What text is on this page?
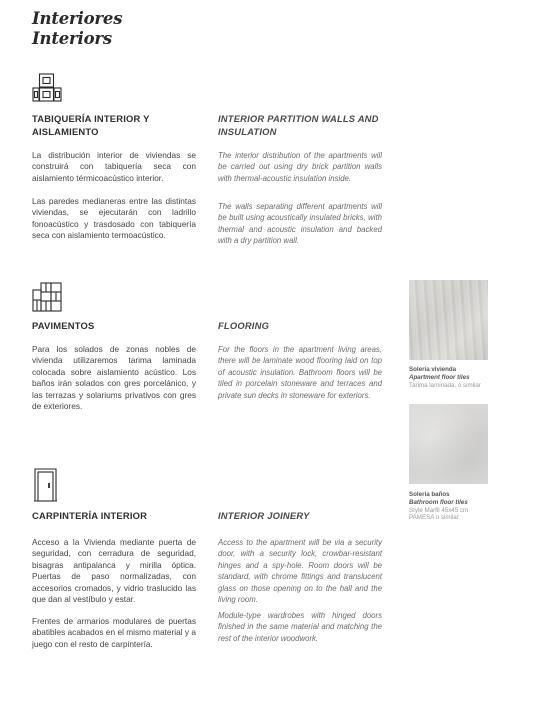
Interiores
Interiors
TABIQUERÍA INTERIOR Y AISLAMIENTO
INTERIOR PARTITION WALLS AND INSULATION

La distribución interior de viviendas se construirá con tabiquería seca con aislamiento térmicoacústico interior.

Las paredes medianeras entre las distintas viviendas, se ejecutarán con ladrillo fonoacústico y trasdosado con tabiquería seca con aislamiento termoacústico.

The interior distribution of the apartments will be carried out using dry brick partition walls with thermal-acoustic insulation inside.

The walls separating different apartments will be built using acoustically insulated bricks, with thermal and acoustic insulation and backed with a dry partition wall.

PAVIMENTOS	FLOORING

Para los solados de zonas nobles de vivienda utilizaremos tarima laminada colocada sobre aislamiento acústico. Los baños irán solados con gres porcelánico, y las terrazas y solariums privativos con gres de exteriores.

For the floors in the apartment living areas, there will be laminate wood flooring laid on top of acoustic insulation. Bathroom floors will be tiled in porcelain stoneware and terraces and private sun decks in stoneware for exteriors.

CARPINTERÍA INTERIOR	INTERIOR JOINERY

Acceso a la Vivienda mediante puerta de seguridad, con cerradura de seguridad, bisagras antipalanca y mirilla óptica. Puertas de paso normalizadas, con accesorios cromados, y vidrio traslucido las que dan al vestíbulo y estar.

Frentes de armarios modulares de puertas abatibles acabados en el mismo material y a juego con el resto de carpintería.

Access to the apartment will be via a security door, with a security lock, crowbar-resistant hinges and a spy-hole. Room doors will be standard, with chrome fittings and translucent glass on those opening on to the hall and the living room.

Module-type wardrobes with hinged doors finished in the same material and matching the rest of the interior woodwork.

Solería vivienda
Apartment floor tiles
Tarima laminada, o similar
Solería baños
Bathroom floor tiles
Style Marfil 45x45 cm PAMESA o similar
